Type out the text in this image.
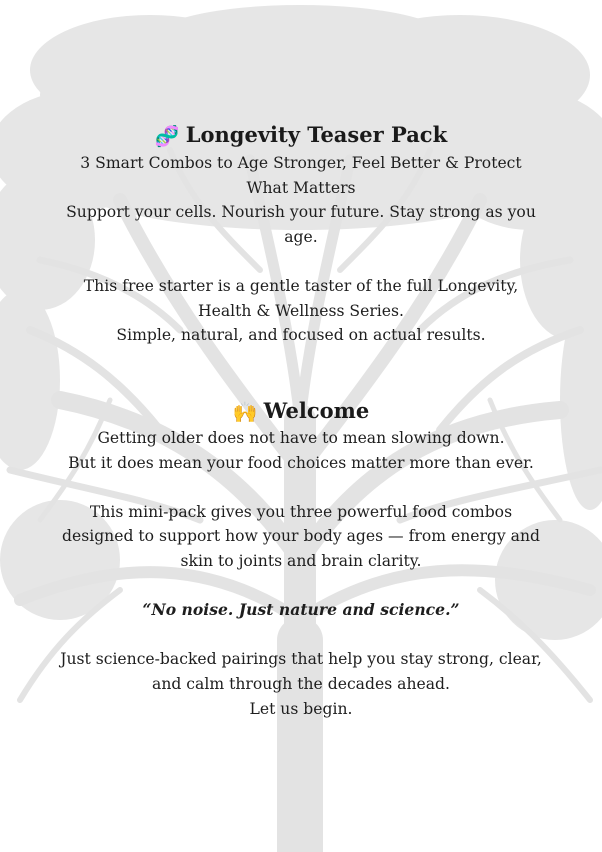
🧬 Longevity Teaser Pack

3 Smart Combos to Age Stronger, Feel Better & Protect What Matters

Support your cells. Nourish your future. Stay strong as you age.

This free starter is a gentle taster of the full Longevity, Health & Wellness Series.

Simple, natural, and focused on actual results.

🙌 Welcome

Getting older does not have to mean slowing down.

But it does mean your food choices matter more than ever.

This mini-pack gives you three powerful food combos designed to support how your body ages — from energy and skin to joints and brain clarity.

“No noise. Just nature and science.”

Just science-backed pairings that help you stay strong, clear, and calm through the decades ahead.

Let us begin.
